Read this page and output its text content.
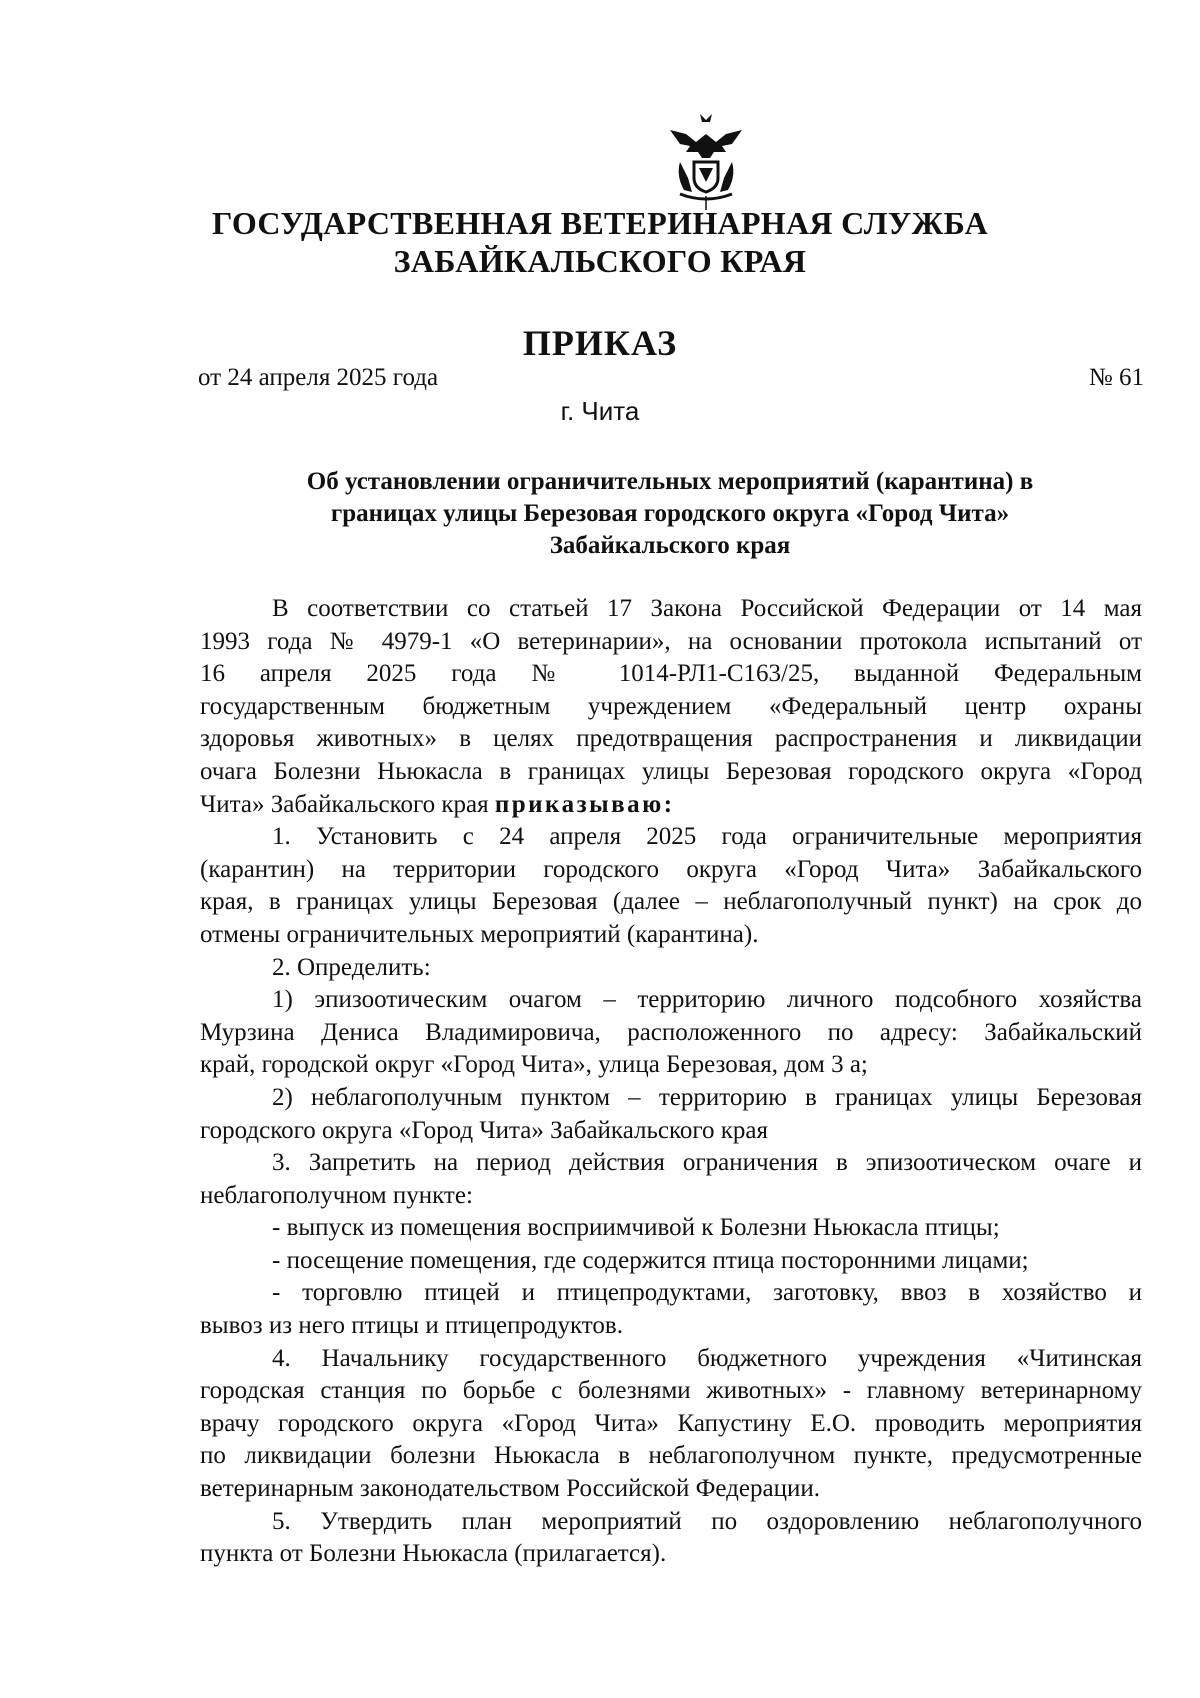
ГОСУДАРСТВЕННАЯ ВЕТЕРИНАРНАЯ СЛУЖБА
ЗАБАЙКАЛЬСКОГО КРАЯ
ПРИКАЗ
от 24 апреля 2025 года	№ 61
г. Чита
Об установлении ограничительных мероприятий (карантина) в
границах улицы Березовая городского округа «Город Чита»
Забайкальского края
В соответствии со статьей 17 Закона Российской Федерации от 14 мая
1993 года № 4979-1 «О ветеринарии», на основании протокола испытаний от
16 апреля 2025 года № 1014-РЛ1-С163/25, выданной Федеральным
государственным бюджетным учреждением «Федеральный центр охраны
здоровья животных» в целях предотвращения распространения и ликвидации
очага Болезни Ньюкасла в границах улицы Березовая городского округа «Город
Чита» Забайкальского края приказываю:
1. Установить с 24 апреля 2025 года ограничительные мероприятия
(карантин) на территории городского округа «Город Чита» Забайкальского
края, в границах улицы Березовая (далее – неблагополучный пункт) на срок до
отмены ограничительных мероприятий (карантина).
2. Определить:
1) эпизоотическим очагом – территорию личного подсобного хозяйства
Мурзина Дениса Владимировича, расположенного по адресу: Забайкальский
край, городской округ «Город Чита», улица Березовая, дом 3 а;
2) неблагополучным пунктом – территорию в границах улицы Березовая
городского округа «Город Чита» Забайкальского края
3. Запретить на период действия ограничения в эпизоотическом очаге и
неблагополучном пункте:
- выпуск из помещения восприимчивой к Болезни Ньюкасла птицы;
- посещение помещения, где содержится птица посторонними лицами;
- торговлю птицей и птицепродуктами, заготовку, ввоз в хозяйство и
вывоз из него птицы и птицепродуктов.
4. Начальнику государственного бюджетного учреждения «Читинская
городская станция по борьбе с болезнями животных» - главному ветеринарному
врачу городского округа «Город Чита» Капустину Е.О. проводить мероприятия
по ликвидации болезни Ньюкасла в неблагополучном пункте, предусмотренные
ветеринарным законодательством Российской Федерации.
5. Утвердить план мероприятий по оздоровлению неблагополучного
пункта от Болезни Ньюкасла (прилагается).
